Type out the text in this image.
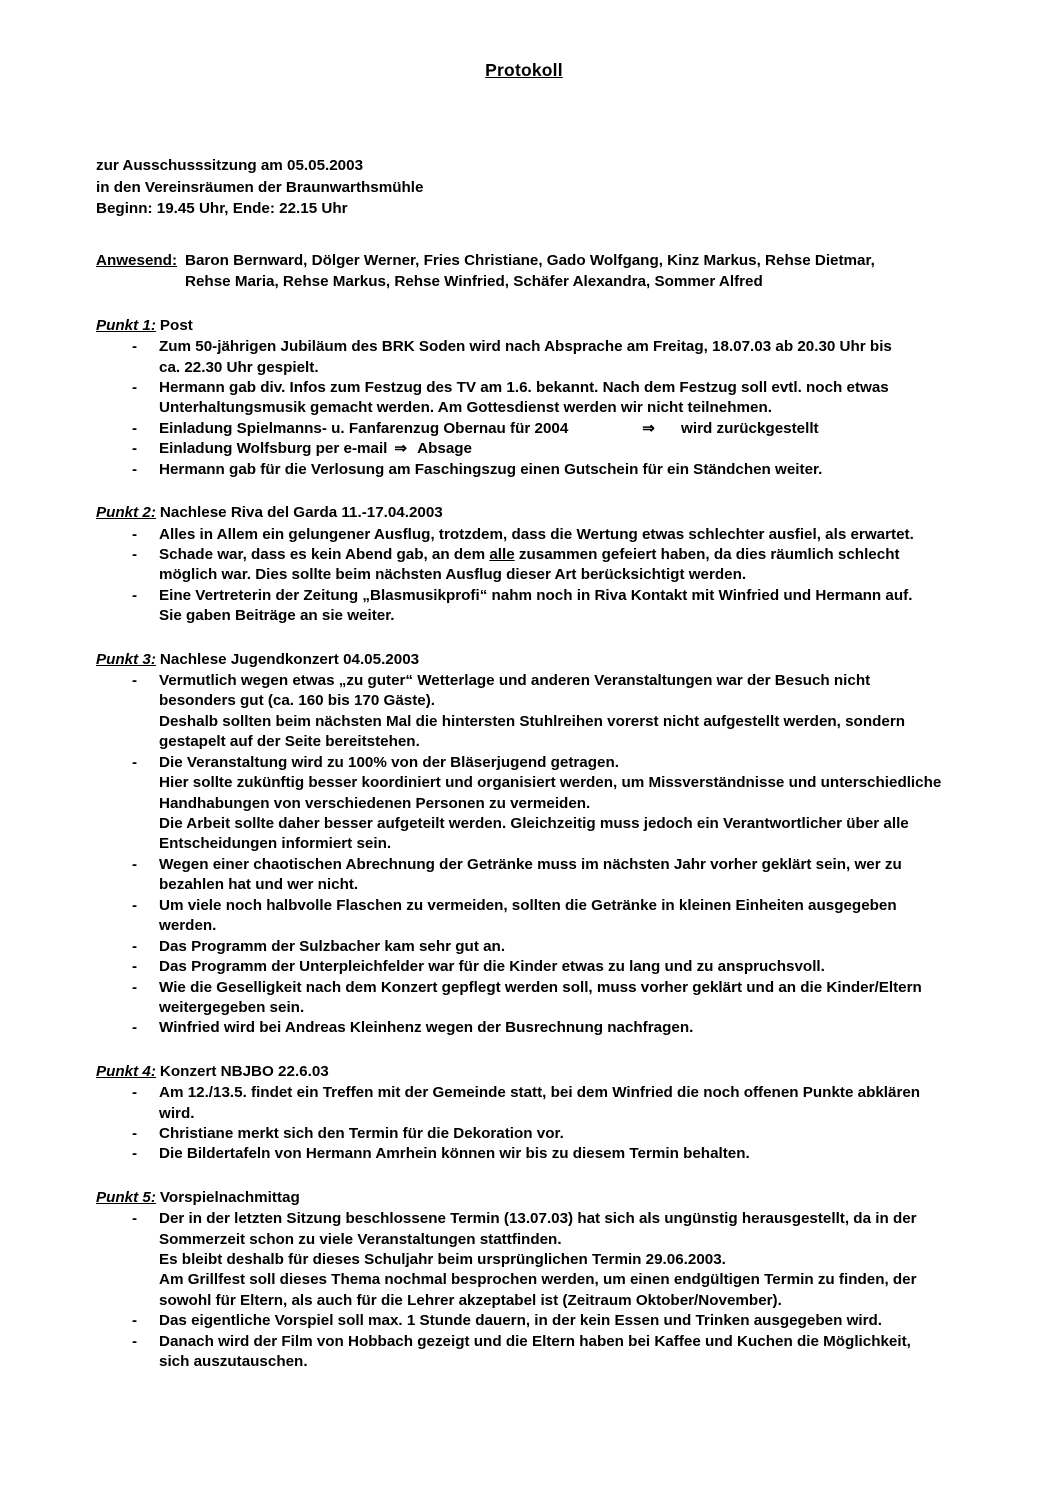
Protokoll
zur Ausschusssitzung am 05.05.2003
in den Vereinsräumen der Braunwarthsmühle
Beginn: 19.45 Uhr, Ende: 22.15 Uhr
Anwesend: Baron Bernward, Dölger Werner, Fries Christiane, Gado Wolfgang, Kinz Markus, Rehse Dietmar,
Rehse Maria, Rehse Markus, Rehse Winfried, Schäfer Alexandra, Sommer Alfred
Punkt 1: Post
- Zum 50-jährigen Jubiläum des BRK Soden wird nach Absprache am Freitag, 18.07.03 ab 20.30 Uhr bis
ca. 22.30 Uhr gespielt.
- Hermann gab div. Infos zum Festzug des TV am 1.6. bekannt. Nach dem Festzug soll evtl. noch etwas
Unterhaltungsmusik gemacht werden. Am Gottesdienst werden wir nicht teilnehmen.
- Einladung Spielmanns- u. Fanfarenzug Obernau für 2004	⇒ wird zurückgestellt
- Einladung Wolfsburg per e-mail ⇒ Absage
- Hermann gab für die Verlosung am Faschingszug einen Gutschein für ein Ständchen weiter.
Punkt 2: Nachlese Riva del Garda 11.-17.04.2003
- Alles in Allem ein gelungener Ausflug, trotzdem, dass die Wertung etwas schlechter ausfiel, als erwartet.
- Schade war, dass es kein Abend gab, an dem alle zusammen gefeiert haben, da dies räumlich schlecht
möglich war. Dies sollte beim nächsten Ausflug dieser Art berücksichtigt werden.
- Eine Vertreterin der Zeitung „Blasmusikprofi“ nahm noch in Riva Kontakt mit Winfried und Hermann auf.
Sie gaben Beiträge an sie weiter.
Punkt 3: Nachlese Jugendkonzert 04.05.2003
- Vermutlich wegen etwas „zu guter“ Wetterlage und anderen Veranstaltungen war der Besuch nicht
besonders gut (ca. 160 bis 170 Gäste).
Deshalb sollten beim nächsten Mal die hintersten Stuhlreihen vorerst nicht aufgestellt werden, sondern
gestapelt auf der Seite bereitstehen.
- Die Veranstaltung wird zu 100% von der Bläserjugend getragen.
Hier sollte zukünftig besser koordiniert und organisiert werden, um Missverständnisse und unterschiedliche
Handhabungen von verschiedenen Personen zu vermeiden.
Die Arbeit sollte daher besser aufgeteilt werden. Gleichzeitig muss jedoch ein Verantwortlicher über alle
Entscheidungen informiert sein.
- Wegen einer chaotischen Abrechnung der Getränke muss im nächsten Jahr vorher geklärt sein, wer zu
bezahlen hat und wer nicht.
- Um viele noch halbvolle Flaschen zu vermeiden, sollten die Getränke in kleinen Einheiten ausgegeben
werden.
- Das Programm der Sulzbacher kam sehr gut an.
- Das Programm der Unterpleichfelder war für die Kinder etwas zu lang und zu anspruchsvoll.
- Wie die Geselligkeit nach dem Konzert gepflegt werden soll, muss vorher geklärt und an die Kinder/Eltern
weitergegeben sein.
- Winfried wird bei Andreas Kleinhenz wegen der Busrechnung nachfragen.
Punkt 4: Konzert NBJBO 22.6.03
- Am 12./13.5. findet ein Treffen mit der Gemeinde statt, bei dem Winfried die noch offenen Punkte abklären
wird.
- Christiane merkt sich den Termin für die Dekoration vor.
- Die Bildertafeln von Hermann Amrhein können wir bis zu diesem Termin behalten.
Punkt 5: Vorspielnachmittag
- Der in der letzten Sitzung beschlossene Termin (13.07.03) hat sich als ungünstig herausgestellt, da in der
Sommerzeit schon zu viele Veranstaltungen stattfinden.
Es bleibt deshalb für dieses Schuljahr beim ursprünglichen Termin 29.06.2003.
Am Grillfest soll dieses Thema nochmal besprochen werden, um einen endgültigen Termin zu finden, der
sowohl für Eltern, als auch für die Lehrer akzeptabel ist (Zeitraum Oktober/November).
- Das eigentliche Vorspiel soll max. 1 Stunde dauern, in der kein Essen und Trinken ausgegeben wird.
- Danach wird der Film von Hobbach gezeigt und die Eltern haben bei Kaffee und Kuchen die Möglichkeit,
sich auszutauschen.
